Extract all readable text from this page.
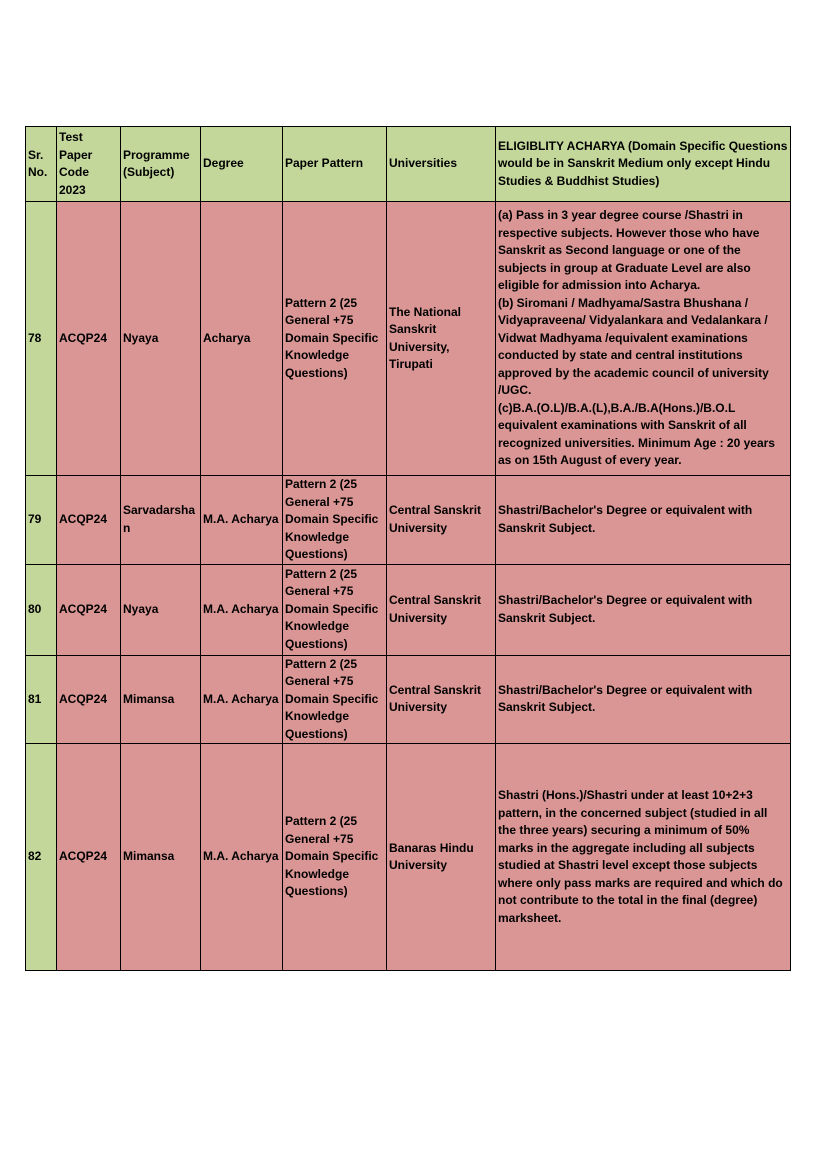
Sr. No.	Test Paper Code 2023	Programme (Subject)	Degree	Paper Pattern	Universities	ELIGIBLITY ACHARYA (Domain Specific Questions would be in Sanskrit Medium only except Hindu Studies & Buddhist Studies)
78	ACQP24	Nyaya	Acharya	Pattern 2 (25 General +75 Domain Specific Knowledge Questions)	The National Sanskrit University, Tirupati	(a) Pass in 3 year degree course /Shastri in respective subjects. However those who have Sanskrit as Second language or one of the subjects in group at Graduate Level are also eligible for admission into Acharya.
(b) Siromani / Madhyama/Sastra Bhushana / Vidyapraveena/ Vidyalankara and Vedalankara / Vidwat Madhyama /equivalent examinations conducted by state and central institutions approved by the academic council of university /UGC.
(c)B.A.(O.L)/B.A.(L),B.A./B.A(Hons.)/B.O.L equivalent examinations with Sanskrit of all recognized universities. Minimum Age : 20 years as on 15th August of every year.
79	ACQP24	Sarvadarshan	M.A. Acharya	Pattern 2 (25 General +75 Domain Specific Knowledge Questions)	Central Sanskrit University	Shastri/Bachelor's Degree or equivalent with Sanskrit Subject.
80	ACQP24	Nyaya	M.A. Acharya	Pattern 2 (25 General +75 Domain Specific Knowledge Questions)	Central Sanskrit University	Shastri/Bachelor's Degree or equivalent with Sanskrit Subject.
81	ACQP24	Mimansa	M.A. Acharya	Pattern 2 (25 General +75 Domain Specific Knowledge Questions)	Central Sanskrit University	Shastri/Bachelor's Degree or equivalent with Sanskrit Subject.
82	ACQP24	Mimansa	M.A. Acharya	Pattern 2 (25 General +75 Domain Specific Knowledge Questions)	Banaras Hindu University	Shastri (Hons.)/Shastri under at least 10+2+3 pattern, in the concerned subject (studied in all the three years) securing a minimum of 50% marks in the aggregate including all subjects studied at Shastri level except those subjects where only pass marks are required and which do not contribute to the total in the final (degree) marksheet.
